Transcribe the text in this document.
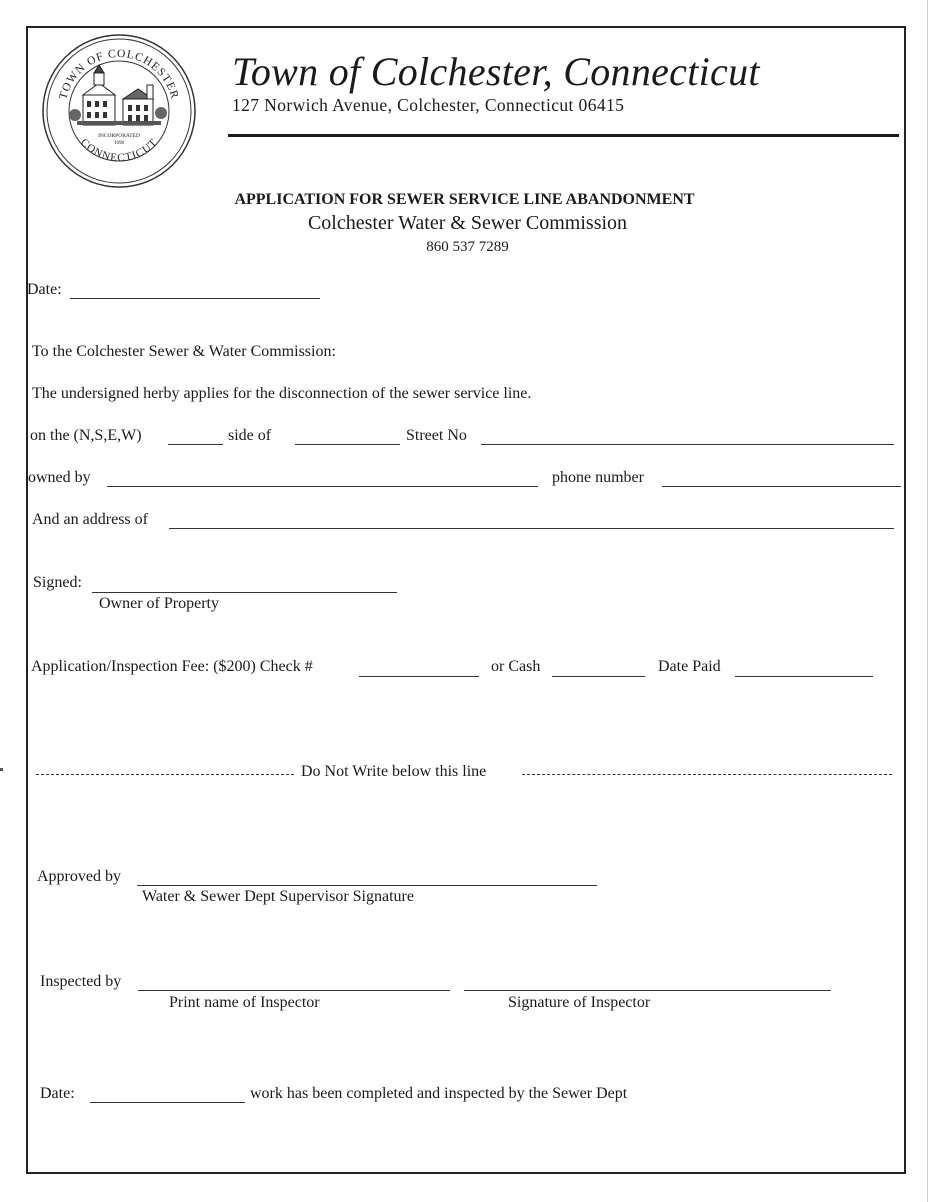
TOWN OF COLCHESTER
CONNECTICUT
INCORPORATED
1698
Town of Colchester, Connecticut
127 Norwich Avenue, Colchester, Connecticut 06415
APPLICATION FOR SEWER SERVICE LINE ABANDONMENT
Colchester Water & Sewer Commission
860 537 7289
Date:
To the Colchester Sewer & Water Commission:
The undersigned herby applies for the disconnection of the sewer service line.
on the (N,S,E,W)	side of	Street No
owned by	phone number
And an address of
Signed:
Owner of Property
Application/Inspection Fee: ($200) Check #	or Cash	Date Paid
Do Not Write below this line
Approved by
Water & Sewer Dept Supervisor Signature
Inspected by
Print name of Inspector	Signature of Inspector
Date:	work has been completed and inspected by the Sewer Dept
